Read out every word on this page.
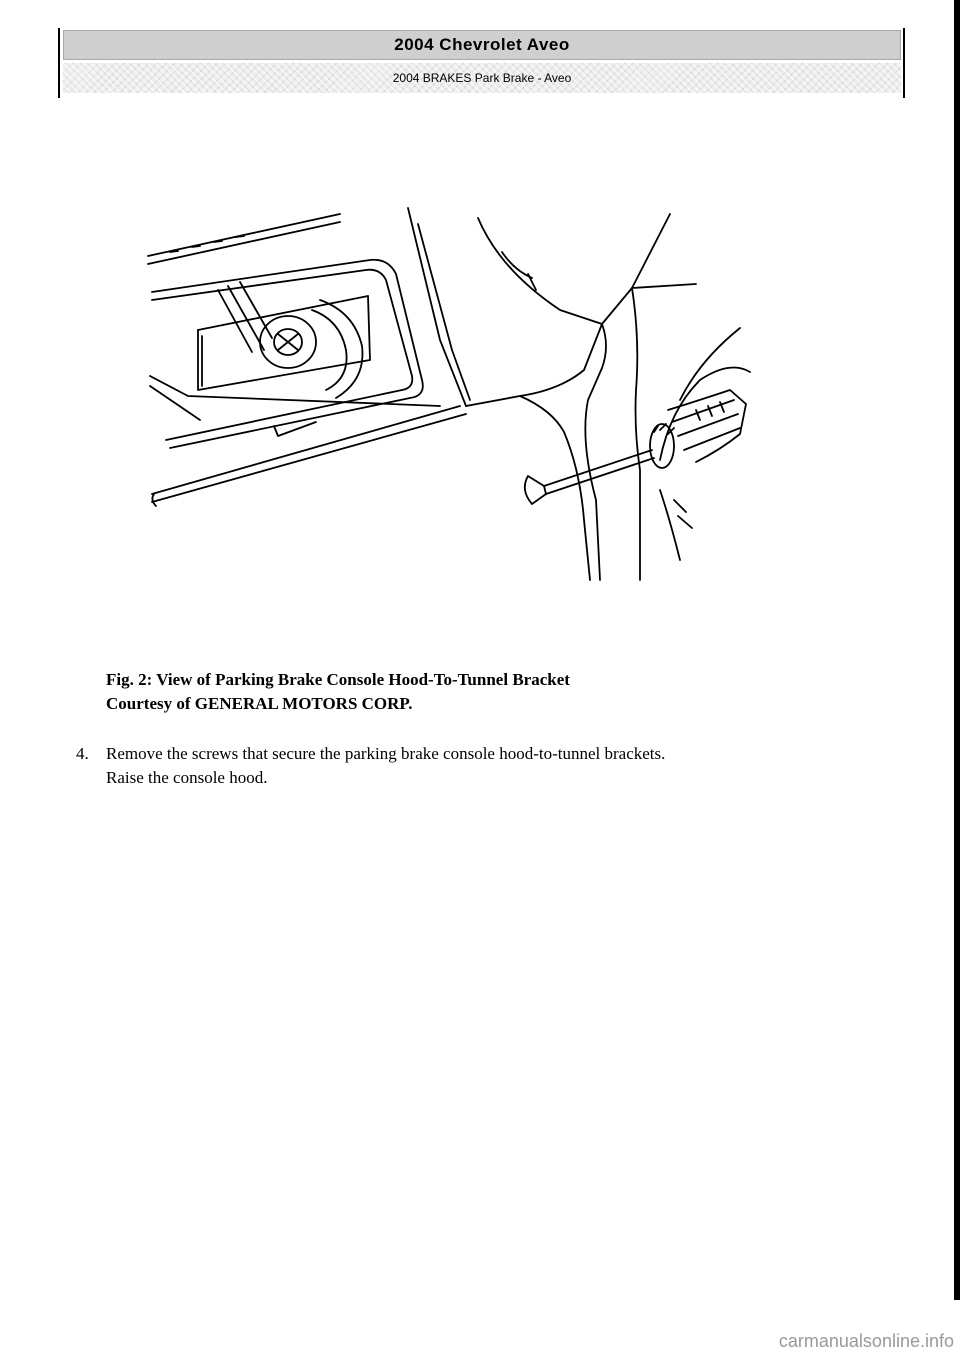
2004 Chevrolet Aveo
2004 BRAKES Park Brake - Aveo
Fig. 2: View of Parking Brake Console Hood-To-Tunnel Bracket
Courtesy of GENERAL MOTORS CORP.
4. Remove the screws that secure the parking brake console hood-to-tunnel brackets.
Raise the console hood.
carmanualsonline.info
